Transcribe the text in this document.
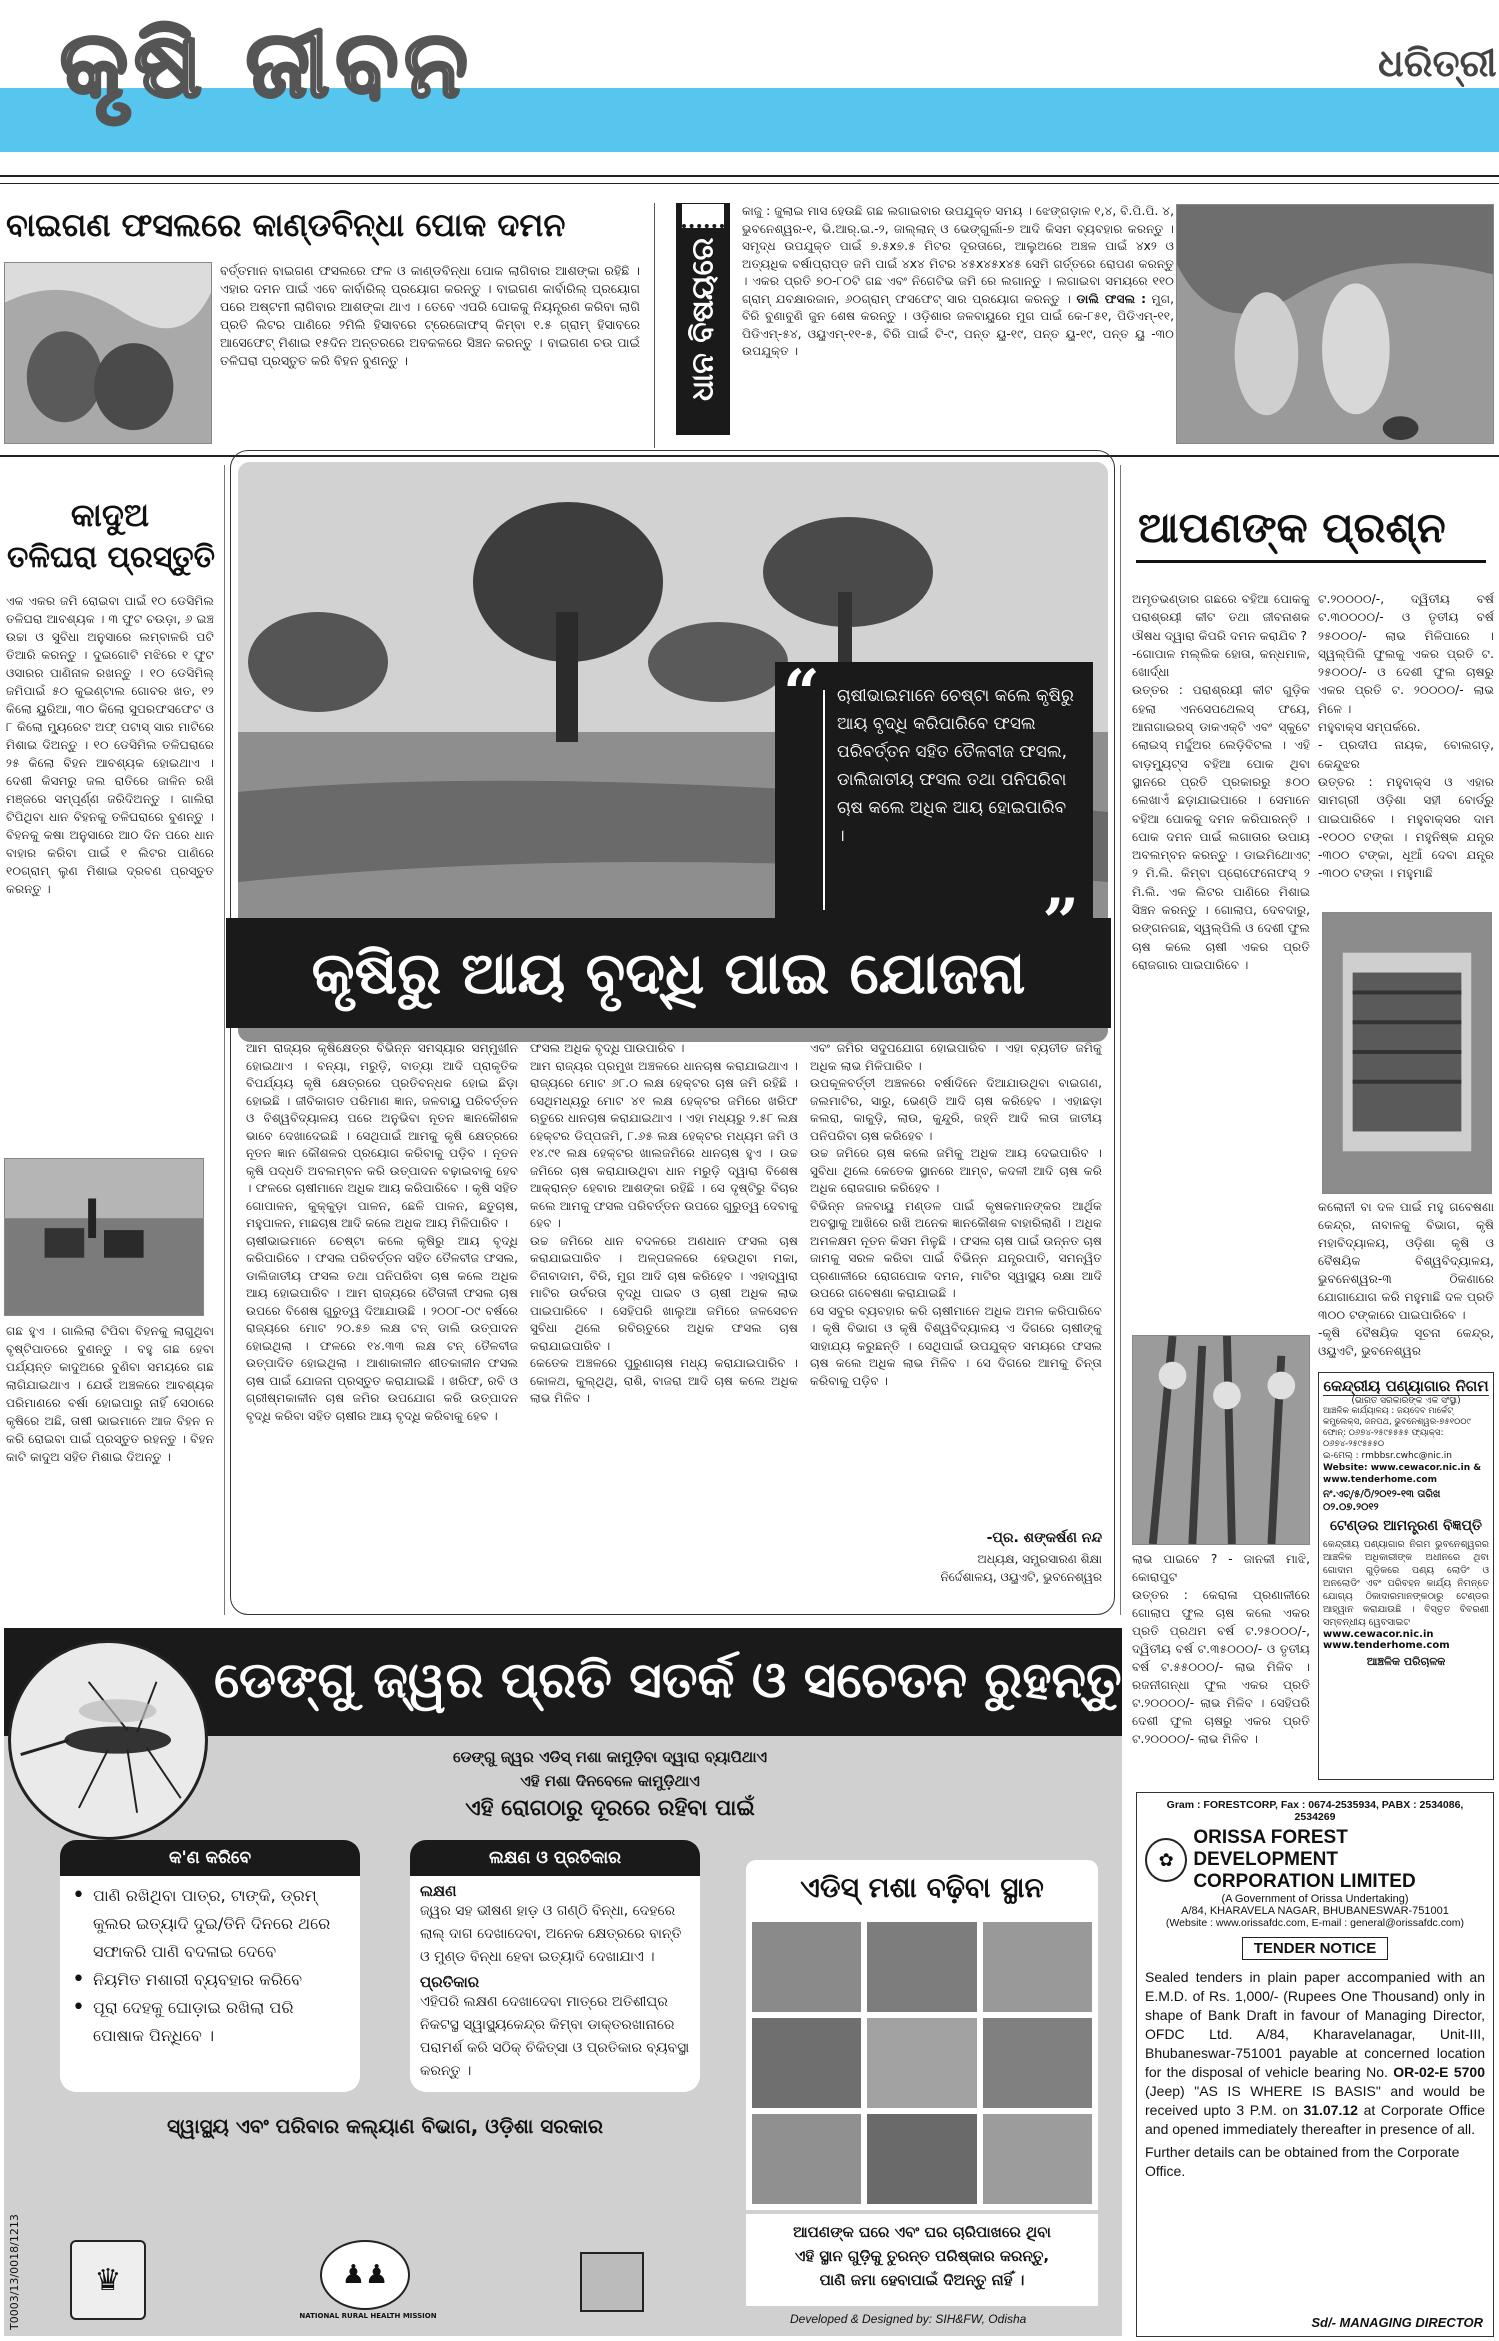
କୃଷି ଜୀବନ	ଧରିତ୍ରୀ
ବାଇଗଣ ଫସଲରେ କାଣ୍ଡବିନ୍ଧା ପୋକ ଦମନ
ବର୍ତ୍ତମାନ ବାଇଗଣ ଫସଲରେ ଫଳ ଓ କାଣ୍ଡବିନ୍ଧା ପୋକ ଲାଗିବାର ଆଶଙ୍କା ରହିଛି । ଏହାର ଦମନ ପାଇଁ ଏବେ କାର୍ବାରିଲ୍ ପ୍ରୟୋଗ କରନ୍ତୁ । ବାଇଗଣ କାର୍ବାରିଲ୍ ପ୍ରୟୋଗ ପରେ ଅଷ୍ଟମୀ ଲାଗିବାର ଆଶଙ୍କା ଥାଏ । ତେବେ ଏପରି ପୋକକୁ ନିୟନ୍ତ୍ରଣ କରିବା ଲାଗି ପ୍ରତି ଲିଟର ପାଣିରେ ୨ମିଲି ହିସାବରେ ଟ୍ରେଜୋଫସ୍ କିମ୍ବା ୧.୫ ଗ୍ରାମ୍ ହିସାବରେ ଆସେଫେଟ୍ ମିଶାଇ ୧୫ଦିନ ଅନ୍ତରରେ ଅବକଳରେ ସିଞ୍ଚନ କରନ୍ତୁ । ବାଇଗଣ ଚଉ ପାଇଁ ତଳିଘରା ପ୍ରସ୍ତୁତ କରି ବିହନ ବୁଣନ୍ତୁ ।	ଧାନ ବିଷୟରେ
କାଜୁ : ଜୁଲାଇ ମାସ ହେଉଛି ଗଛ ଲଗାଇବାର ଉପଯୁକ୍ତ ସମୟ । ଝେଙ୍ଗଡ଼ାଳ ୧,୪, ବି.ପି.ପି. ୪, ଭୁବନେଶ୍ୱର-୧, ଭି.ଆର୍.ଇ.-୨, ଜାଲ୍ଲାନ୍ ଓ ଭେଙ୍ଗୁର୍ଲା-୭ ଆଦି କିସମ ବ୍ୟବହାର କରନ୍ତୁ । ସମୃଦ୍ଧ ଉପଯୁକ୍ତ ପାଇଁ ୭.୫x୭.୫ ମିଟର ଦୂରତାରେ, ଆଲୁଅରେ ଅଞ୍ଚଳ ପାଇଁ ୪x୨ ଓ ଅତ୍ୟଧିକ ବର୍ଷାପ୍ରାପ୍ତ ଜମି ପାଇଁ ୪x୪ ମିଟର ୪୫x୪୫x୪୫ ସେମି ଗର୍ତ୍ତରେ ରୋପଣ କରନ୍ତୁ । ଏକର ପ୍ରତି ୭୦-୮୦ଟି ଗଛ ଏବଂ ନିଗେଟିଭ ଜମି ରେ ଲଗାନ୍ତୁ । ଲଗାଇବା ସମୟରେ ୧୧୦ ଗ୍ରାମ୍ ଯବକ୍ଷାରଜାନ, ୬୦ଗ୍ରାମ୍ ଫସଫେଟ୍ ସାର ପ୍ରୟୋଗ କରନ୍ତୁ । ଡାଲି ଫସଲ : ମୁଗ, ବିରି ବୁଣାବୁଣି ଜୁନ ଶେଷ କରନ୍ତୁ । ଓଡ଼ିଶାର ଜଳବାୟୁରେ ମୁଗ ପାଇଁ କେ-୮୫୧, ପିଡିଏମ୍-୧୧, ପିଡିଏମ୍-୫୪, ଓୟୁଏମ୍-୧୧-୫, ବିରି ପାଇଁ ଟି-୯, ପନ୍ତ ୟୁ-୧୯, ପନ୍ତ ୟୁ-୧୯, ପନ୍ତ ୟୁ -୩୦ ଉପଯୁକ୍ତ ।
କାଦୁଅ
ତଳିଘରା ପ୍ରସ୍ତୁତି
ଏକ ଏକର ଜମି ରୋଇବା ପାଇଁ ୧୦ ଡେସିମିଲ ତଳିଘରା ଆବଶ୍ୟକ । ୩ ଫୁଟ ଚଉଡ଼ା, ୬ ଇଞ୍ଚ ଉଚ୍ଚା ଓ ସୁବିଧା ଅନୁସାରେ ଲମ୍ବାଳରି ପଟି ତିଆରି କରନ୍ତୁ । ଦୁଇଗୋଟି ମଝିରେ ୧ ଫୁଟ ଓସାରର ପାଣିନାଳ ରଖନ୍ତୁ । ୧୦ ଡେସିମିଲ୍ ଜମିପାଇଁ ୫୦ କୁଇଣ୍ଟାଲ ଗୋବର ଖତ, ୧୨ କିଲୋ ୟୁରିଆ, ୩୦ କିଲୋ ସୁପରଫସଫେଟ ଓ ୮ କିଲୋ ମ୍ୟୁରେଟ ଅଫ୍ ପଟାସ୍ ସାର ମାଟିରେ ମିଶାଇ ଦିଅନ୍ତୁ । ୧୦ ଡେସିମିଲ ତଳିଘରାରେ ୨୫ କିଲୋ ବିହନ ଆବଶ୍ୟକ ହୋଇଥାଏ । ଦେଶୀ କିସମରୁ ଜଲ ରାତିରେ ଜାଳିନ ରଖି ମଞ୍ଜରେ ସମ୍ପୂର୍ଣ୍ଣ ଜରିଦିଅନ୍ତୁ । ଗାଲିରା ଟିପିଥିବା ଧାନ ବିହନକୁ ତଳିଘରାରେ ବୁଣନ୍ତୁ । ବିହନକୁ କଷା ଅନୁସାରେ ଆଠ ଦିନ ପରେ ଧାନ ବାହାର କରିବା ପାଇଁ ୧ ଲିଟର ପାଣିରେ ୧୦ଗ୍ରାମ୍ ଲୁଣ ମିଶାଇ ଦ୍ରବଣ ପ୍ରସ୍ତୁତ କରନ୍ତୁ ।
ଗଛ ହୁଏ । ଗାଲିଲା ଟିପିବା ବିହନକୁ ଲାଗୁଥିବା ବୃଷ୍ଟିପାତରେ ବୁଣନ୍ତୁ । ବହୁ ଗଛ ହେବା ପର୍ଯ୍ୟନ୍ତ କାଦୁଅରେ ବୁଣିବା ସମୟରେ ଗଛ ଲାଗିଯାଇଥାଏ । ଯେଉଁ ଅଞ୍ଚଳରେ ଆବଶ୍ୟକ ପରିମାଣରେ ବର୍ଷା ହୋଇପାରୁ ନାହିଁ ସେଠାରେ କୃଷିରେ ଅଛି, ତାଷୀ ଭାଇମାନେ ଆଜ ବିହନ ନ କରି ରୋଇବା ପାଇଁ ପ୍ରସ୍ତୁତ ରହନ୍ତୁ । ବିହନ କାଟି କାଦୁଅ ସହିତ ମିଶାଇ ଦିଅନ୍ତୁ ।
“ ଚାଷୀଭାଇମାନେ ଚେଷ୍ଟା କଲେ କୃଷିରୁ ଆୟ ବୃଦ୍ଧି କରିପାରିବେ ଫସଲ ପରିବର୍ତ୍ତନ ସହିତ ତୈଳବୀଜ ଫସଲ, ଡାଲିଜାତୀୟ ଫସଲ ତଥା ପନିପରିବା ଚାଷ କଲେ ଅଧିକ ଆୟ ହୋଇପାରିବ ।
କୃଷିରୁ ଆୟ ବୃଦ୍ଧି ପାଇ ଯୋଜନା
ଆମ ରାଜ୍ୟର କୃଷିକ୍ଷେତ୍ର ବିଭିନ୍ନ ସମସ୍ୟାର ସମ୍ମୁଖୀନ ହୋଇଥାଏ । ବନ୍ୟା, ମରୁଡ଼ି, ବାତ୍ୟା ଆଦି ପ୍ରାକୃତିକ ବିପର୍ଯ୍ୟୟ କୃଷି କ୍ଷେତ୍ରରେ ପ୍ରତିବନ୍ଧକ ହୋଇ ଛିଡ଼ା ହୋଇଛି । ଜୀବିକାଗତ ପରିମାଣ ଜ୍ଞାନ, ଜଳବାୟୁ ପରିବର୍ତ୍ତନ ଓ ବିଶ୍ୱବିଦ୍ୟାଳୟ ପରେ ଅନୁଭିବା ନୂତନ ଜ୍ଞାନକୌଶଳ ଭାବେ ଦେଖାଦେଇଛି । ସେଥିପାଇଁ ଆମକୁ କୃଷି କ୍ଷେତ୍ରରେ ନୂତନ ଜ୍ଞାନ କୌଶଳର ପ୍ରୟୋଗ କରିବାକୁ ପଡ଼ିବ । ନୂତନ କୃଷି ପଦ୍ଧତି ଅବଲମ୍ବନ କରି ଉତ୍ପାଦନ ବଢ଼ାଇବାକୁ ହେବ । ଫଳରେ ଚାଷୀମାନେ ଅଧିକ ଆୟ କରିପାରିବେ । କୃଷି ସହିତ ଗୋପାଳନ, କୁକ୍କୁଡ଼ା ପାଳନ, ଛେଳି ପାଳନ, ଛତୁଚାଷ, ମହୁପାଳନ, ମାଛଚାଷ ଆଦି କଲେ ଅଧିକ ଆୟ ମିଳିପାରିବ ।
ଚାଷୀଭାଇମାନେ ଚେଷ୍ଟା କଲେ କୃଷିରୁ ଆୟ ବୃଦ୍ଧି କରିପାରିବେ । ଫସଲ ପରିବର୍ତ୍ତନ ସହିତ ତୈଳବୀଜ ଫସଲ, ଡାଲିଜାତୀୟ ଫସଲ ତଥା ପନିପରିବା ଚାଷ କଲେ ଅଧିକ ଆୟ ହୋଇପାରିବ । ଆମ ରାଜ୍ୟରେ ଚୈତାଳୀ ଫସଲ ଚାଷ ଉପରେ ବିଶେଷ ଗୁରୁତ୍ୱ ଦିଆଯାଉଛି । ୨୦୦୮-୦୯ ବର୍ଷରେ ରାଜ୍ୟରେ ମୋଟ ୨୦.୫୭ ଲକ୍ଷ ଟନ୍ ଡାଲି ଉତ୍ପାଦନ ହୋଇଥିଲା । ଫଳରେ ୧୪.୩୩ ଲକ୍ଷ ଟନ୍ ତୈଳବୀଜ ଉତ୍ପାଦିତ ହୋଇଥିଲା । ଆଶାକାଳୀନ ଶୀତକାଳୀନ ଫସଲ ଚାଷ ପାଇଁ ଯୋଜନା ପ୍ରସ୍ତୁତ କରାଯାଇଛି । ଖରିଫ, ରବି ଓ ଗ୍ରୀଷ୍ମକାଳୀନ ଚାଷ ଜମିର ଉପଯୋଗ କରି ଉତ୍ପାଦନ ବୃଦ୍ଧି କରିବା ସହିତ ଚାଷୀର ଆୟ ବୃଦ୍ଧି କରିବାକୁ ହେବ ।
ଫସଲ ଅଧିକ ବୃଦ୍ଧି ପାଉପାରିବ ।
ଆମ ରାଜ୍ୟର ପ୍ରମୁଖ ଅଞ୍ଚଳରେ ଧାନଚାଷ କରାଯାଇଥାଏ । ରାଜ୍ୟରେ ମୋଟ ୬୮.୦ ଲକ୍ଷ ହେକ୍ଟର ଚାଷ ଜମି ରହିଛି । ସେଥିମଧ୍ୟରୁ ମୋଟ ୪୧ ଲକ୍ଷ ହେକ୍ଟର ଜମିରେ ଖରିଫ ଋତୁରେ ଧାନଚାଷ କରାଯାଇଥାଏ । ଏହା ମଧ୍ୟରୁ ୨.୫୮ ଲକ୍ଷ ହେକ୍ଟର ଡିପ୍ପଜମି, ୮.୬୫ ଲକ୍ଷ ହେକ୍ଟର ମଧ୍ୟମ ଜମି ଓ ୧୪.୯୧ ଲକ୍ଷ ହେକ୍ଟର ଖାଲଜମିରେ ଧାନଚାଷ ହୁଏ । ଉଚ୍ଚ ଜମିରେ ଚାଷ କରାଯାଉଥିବା ଧାନ ମରୁଡ଼ି ଦ୍ୱାରା ବିଶେଷ ଆକ୍ରାନ୍ତ ହେବାର ଆଶଙ୍କା ରହିଛି । ସେ ଦୃଷ୍ଟିରୁ ବିଚାର କଲେ ଆମକୁ ଫସଲ ପରିବର୍ତ୍ତନ ଉପରେ ଗୁରୁତ୍ୱ ଦେବାକୁ ହେବ ।
ଉଚ୍ଚ ଜମିରେ ଧାନ ବଦଳରେ ଅଣଧାନ ଫସଲ ଚାଷ କରାଯାଇପାରିବ । ଅଳ୍ପଜଳରେ ହେଉଥିବା ମକା, ଚିନାବାଦାମ, ବିରି, ମୁଗ ଆଦି ଚାଷ କରିହେବ । ଏହାଦ୍ୱାରା ମାଟିର ଉର୍ବରତା ବୃଦ୍ଧି ପାଇବ ଓ ଚାଷୀ ଅଧିକ ଲାଭ ପାଇପାରିବେ । ସେହିପରି ଖାଲୁଆ ଜମିରେ ଜଳସେଚନ ସୁବିଧା ଥିଲେ ରବିଋତୁରେ ଅଧିକ ଫସଲ ଚାଷ କରାଯାଇପାରିବ ।
କେତେକ ଅଞ୍ଚଳରେ ପୁରୁଣାଚାଷ ମଧ୍ୟ କରାଯାଇପାରିବ । କୋଳଥ, କୁଲ୍ଥିଥି, ରାଶି, ବାଜରା ଆଦି ଚାଷ କଲେ ଅଧିକ ଲାଭ ମିଳିବ ।
ଏବଂ ଜମିର ସଦୁପଯୋଗ ହୋଇପାରିବ । ଏହା ବ୍ୟତୀତ ଜମିକୁ ଅଧିକ ଲାଭ ମିଳିପାରିବ ।
ଉପକୂଳବର୍ତ୍ତୀ ଅଞ୍ଚଳରେ ବର୍ଷାଦିନେ ଦିଆଯାଉଥିବା ବାଇଗଣ, ଜଲମାଟିର, ସାରୁ, ଭେଣ୍ଡି ଆଦି ଚାଷ କରିହେବ । ଏହାଛଡ଼ା କଲରା, କାକୁଡ଼ି, ଲାଉ, କୁନ୍ଦୁରି, ଜହ୍ନି ଆଦି ଲତା ଜାତୀୟ ପନିପରିବା ଚାଷ କରିହେବ ।
ଉଚ୍ଚ ଜମିରେ ଚାଷ କଲେ ଜମିକୁ ଅଧିକ ଆୟ ଦେଇପାରିବ । ସୁବିଧା ଥିଲେ କେତେକ ସ୍ଥାନରେ ଆମ୍ବ, କଦଳୀ ଆଦି ଚାଷ କରି ଅଧିକ ରୋଜଗାର କରିହେବ ।
ବିଭିନ୍ନ ଜଳବାୟୁ ମଣ୍ଡଳ ପାଇଁ କୃଷକମାନଙ୍କର ଆର୍ଥିକ ଅବସ୍ଥାକୁ ଆଖିରେ ରଖି ଅନେକ ଜ୍ଞାନକୌଶଳ ବାହାରିଲାଣି । ଅଧିକ ଅମଳକ୍ଷମ ନୂତନ କିସମ ମିଳୁଛି । ଫସଲ ଚାଷ ପାଇଁ ଉନ୍ନତ ଚାଷ ଜାମକୁ ସରଳ କରିବା ପାଇଁ ବିଭିନ୍ନ ଯନ୍ତ୍ରପାତି, ସମନ୍ୱିତ ପ୍ରଣାଳୀରେ ରୋଗପୋକ ଦମନ, ମାଟିର ସ୍ୱାସ୍ଥ୍ୟ ରକ୍ଷା ଆଦି ଉପରେ ଗବେଷଣା କରାଯାଇଛି ।
ସେ ସବୁର ବ୍ୟବହାର କରି ଚାଷୀମାନେ ଅଧିକ ଅମଳ କରିପାରିବେ । କୃଷି ବିଭାଗ ଓ କୃଷି ବିଶ୍ୱବିଦ୍ୟାଳୟ ଏ ଦିଗରେ ଚାଷୀଙ୍କୁ ସାହାଯ୍ୟ କରୁଛନ୍ତି । ସେଥିପାଇଁ ଉପଯୁକ୍ତ ସମୟରେ ଫସଲ ଚାଷ କଲେ ଅଧିକ ଲାଭ ମିଳିବ । ସେ ଦିଗରେ ଆମକୁ ଚିନ୍ତା କରିବାକୁ ପଡ଼ିବ ।
-ପ୍ର. ଶଙ୍କର୍ଷଣ ନନ୍ଦ
ଅଧ୍ୟକ୍ଷ, ସମ୍ପ୍ରସାରଣ ଶିକ୍ଷା
ନିର୍ଦ୍ଦେଶାଳୟ, ଓୟୁଏଟି, ଭୁବନେଶ୍ୱର
ଆପଣଙ୍କ ପ୍ରଶ୍ନ
ଅମୃତଭଣ୍ଡାର ଗଛରେ ବହିଆ ପୋକକୁ ପରାଶ୍ରୟୀ କୀଟ ତଥା ଜୀବନାଶକ ଔଷଧ ଦ୍ୱାରା କିପରି ଦମନ କରାଯିବ ?
-ଗୋପାଳ ମଲ୍ଲିକ ହୋତା, କନ୍ଧମାଳ, ଖୋର୍ଦ୍ଧା
ଉତ୍ତର : ପରାଶ୍ରୟୀ କୀଟ ଗୁଡ଼ିକ ହେଲା ଏନସେପଥେଲସ୍ ଫୟେ, ଆନାଗାଇରସ୍ ଡାକଏକ୍ଟି ଏବଂ ସ୍କୁଟେ ଲୋଇସ୍ ମର୍ଦ୍ଦୁଅର ଲେଡ଼ିବିଟଲ । ଏହି ବାଡ଼ମ୍ୟୁଟ୍ସ ବହିଆ ପୋକ ଥିବା ସ୍ଥାନରେ ପ୍ରତି ପ୍ରକାରରୁ ୫୦୦ ଲେଖାଏଁ ଛଡ଼ାଯାଇପାରେ । ସେମାନେ ବହିଆ ପୋକକୁ ଦମନ କରିପାରନ୍ତି । ପୋକ ଦମନ ପାଇଁ ଲଗାତାର ଉପାୟ ଅବଲମ୍ବନ କରନ୍ତୁ । ଡାଇମିଥୋଏଟ୍ ୨ ମି.ଲି. କିମ୍ବା ପ୍ରୋଫେନୋଫସ୍ ୨ ମି.ଲି. ଏକ ଲିଟର ପାଣିରେ ମିଶାଇ ସିଞ୍ଚନ କରନ୍ତୁ । ଗୋଲାପ, ଦେବଦାରୁ, ରଙ୍ଗନଗଛ, ସ୍ୱଲ୍ପିଲି ଓ ଦେଶୀ ଫୁଲ ଚାଷ କଲେ ଚାଷୀ ଏକର ପ୍ରତି ରୋଜଗାର ପାଇପାରିବେ ।
ଲାଭ ପାଇବେ ? - ଜାନକୀ ମାଝି, କୋରାପୁଟ
ଉତ୍ତର : କେରାଳା ପ୍ରଣାଳୀରେ ଗୋଲାପ ଫୁଲ ଚାଷ କଲେ ଏକର ପ୍ରତି ପ୍ରଥମ ବର୍ଷ ଟ.୨୫୦୦୦/-, ଦ୍ୱିତୀୟ ବର୍ଷ ଟ.୩୫୦୦୦/- ଓ ତୃତୀୟ ବର୍ଷ ଟ.୫୫୦୦୦/- ଲାଭ ମିଳିବ । ରଜନୀଗନ୍ଧା ଫୁଲ ଏକର ପ୍ରତି ଟ.୨୦୦୦୦/- ଲାଭ ମିଳିବ । ସେହିପରି ଦେଶୀ ଫୁଲ ଚାଷରୁ ଏକର ପ୍ରତି ଟ.୨୦୦୦୦/- ଲାଭ ମିଳିବ ।
ଟ.୨୦୦୦୦/-, ଦ୍ୱିତୀୟ ବର୍ଷ ଟ.୩୦୦୦୦/- ଓ ତୃତୀୟ ବର୍ଷ ୨୫୦୦୦/- ଲାଭ ମିଳିପାରେ । ସ୍ୱଲ୍ପିଲି ଫୁଲକୁ ଏକର ପ୍ରତି ଟ. ୨୫୦୦୦/- ଓ ଦେଶୀ ଫୁଲ ଚାଷରୁ ଏକର ପ୍ରତି ଟ. ୨୦୦୦୦/- ଲାଭ ମିଳେ ।
ମହୁବାକ୍ସ ସମ୍ପର୍କରେ.
- ପ୍ରଦୀପ ନାୟକ, ବୋଲଗଡ଼, କେନ୍ଦୁଝର
ଉତ୍ତର : ମହୁବାକ୍ସ ଓ ଏହାର ସାମଗ୍ରୀ ଓଡ଼ିଶା ସହୀ ବୋର୍ଡ୍ରୁ ପାଇପାରିବେ । ମହୁବାକ୍ସର ଦାମ -୧୦୦୦ ଟଙ୍କା । ମହୁନିଷ୍କ ଯନ୍ତ୍ର -୩୦୦ ଟଙ୍କା, ଧୂଆଁ ଦେବା ଯନ୍ତ୍ର -୩୦୦ ଟଙ୍କା । ମହୁମାଛି
କଲୋନୀ ବା ଦଳ ପାଇଁ ମହୁ ଗବେଷଣା କେନ୍ଦ୍ର, ନାବାଳକୁ ବିଭାଗ, କୃଷି ମହାବିଦ୍ୟାଳୟ, ଓଡ଼ିଶା କୃଷି ଓ ବୈଷୟିକ ବିଶ୍ୱବିଦ୍ୟାଳୟ, ଭୁବନେଶ୍ୱର-୩ ଠିକଣାରେ ଯୋଗାଯୋଗ କରି ମହୁମାଛି ଦଳ ପ୍ରତି ୩୦୦ ଟଙ୍କାରେ ପାଇପାରିବେ ।
-କୃଷି ବୈଷୟିକ ସୂଚନା କେନ୍ଦ୍ର, ଓୟୁଏଟି, ଭୁବନେଶ୍ୱର
କେନ୍ଦ୍ରୀୟ ପଣ୍ୟାଗାର ନିଗମ
(ଭାରତ ସରକାରଙ୍କ ଏକ ସଂସ୍ଥା)
ଆଞ୍ଚଳିକ କାର୍ଯ୍ୟାଳୟ : ଜୟଦେବ ମାର୍କେଟ୍ କମ୍ପ୍ଲେକ୍ସ, ଜନପଥ, ଭୁବନେଶ୍ୱର-୭୫୧୦୦୯ ଫୋନ୍: ୦୬୭୪-୨୫୯୫୫୫୫ ଫ୍ୟାକ୍ସ: ୦୬୭୪-୨୫୯୫୫୫୦
ଇ-ମେଲ୍ : rmbbsr.cwhc@nic.in
Website: www.cewacor.nic.in & www.tenderhome.com
ନଂ.ଏଚ୍/୫/ଠି/୨୦୧୨-୧୩ ତାରିଖ ୦୨.୦୭.୨୦୧୨
ଟେଣ୍ଡର ଆମନ୍ତ୍ରଣ ବିଜ୍ଞପ୍ତି
କେନ୍ଦ୍ରୀୟ ପଣ୍ୟାଗାର ନିଗମ ଭୁବନେଶ୍ୱରର ଆଞ୍ଚଳିକ ଅଧିକାରୀଙ୍କ ଅଧୀନରେ ଥିବା ଗୋଦାମ ଗୁଡ଼ିକରେ ପଣ୍ୟ ଲୋଡିଂ ଓ ଅନଲୋଡିଂ ଏବଂ ପରିବହନ କାର୍ଯ୍ୟ ନିମନ୍ତେ ଯୋଗ୍ୟ ଠିକାଦାରମାନଙ୍କଠାରୁ ଟେଣ୍ଡର ଆହ୍ୱାନ କରାଯାଉଛି । ବିସ୍ତୃତ ବିବରଣୀ ସମ୍ବନ୍ଧୀୟ ୱେବସାଇଟ
www.cewacor.nic.in
www.tenderhome.com
ଆଞ୍ଚଳିକ ପରିଚାଳକ
Gram : FORESTCORP, Fax : 0674-2535934, PABX : 2534086, 2534269
✿
ORISSA FOREST DEVELOPMENT
CORPORATION LIMITED
(A Government of Orissa Undertaking)
A/84, KHARAVELA NAGAR, BHUBANESWAR-751001
(Website : www.orissafdc.com, E-mail : general@orissafdc.com)
TENDER NOTICE
Sealed tenders in plain paper accompanied with an E.M.D. of Rs. 1,000/- (Rupees One Thousand) only in shape of Bank Draft in favour of Managing Director, OFDC Ltd. A/84, Kharavelanagar, Unit-III, Bhubaneswar-751001 payable at concerned location for the disposal of vehicle bearing No. OR-02-E 5700 (Jeep) "AS IS WHERE IS BASIS" and would be received upto 3 P.M. on 31.07.12 at Corporate Office and opened immediately thereafter in presence of all.
Further details can be obtained from the Corporate Office.
Sd/- MANAGING DIRECTOR
ଡେଙ୍ଗୁ ଜ୍ୱର ପ୍ରତି ସତର୍କ ଓ ସଚେତନ ରୁହନ୍ତୁ
ଡେଙ୍ଗୁ ଜ୍ୱର ଏଡିସ୍ ମଶା କାମୁଡ଼ିବା ଦ୍ୱାରା ବ୍ୟାପିଥାଏ
ଏହି ମଶା ଦିନବେଳେ କାମୁଡ଼ିଥାଏ
ଏହି ରୋଗଠାରୁ ଦୂରରେ ରହିବା ପାଇଁ
କ'ଣ କରିବେ
• ପାଣି ରଖିଥିବା ପାତ୍ର, ଟାଙ୍କି, ଡ୍ରମ୍ କୁଲର ଇତ୍ୟାଦି ଦୁଇ/ତିନି ଦିନରେ ଥରେ ସଫାକରି ପାଣି ବଦଳାଇ ଦେବେ
• ନିୟମିତ ମଶାରୀ ବ୍ୟବହାର କରିବେ
• ପୂରା ଦେହକୁ ଘୋଡ଼ାଇ ରଖିଲା ପରି ପୋଷାକ ପିନ୍ଧିବେ ।
ଲକ୍ଷଣ ଓ ପ୍ରତିକାର
ଲକ୍ଷଣ
ଜ୍ୱର ସହ ଭୀଷଣ ହାଡ଼ ଓ ଗଣ୍ଠି ବିନ୍ଧା, ଦେହରେ ଲାଲ୍ ଦାଗ ଦେଖାଦେବା, ଅନେକ କ୍ଷେତ୍ରରେ ବାନ୍ତି ଓ ମୁଣ୍ଡ ବିନ୍ଧା ହେବା ଇତ୍ୟାଦି ଦେଖାଯାଏ ।
ପ୍ରତିକାର
ଏହିପରି ଲକ୍ଷଣ ଦେଖାଦେବା ମାତ୍ରେ ଅତିଶୀଘ୍ର ନିକଟସ୍ଥ ସ୍ୱାସ୍ଥ୍ୟକେନ୍ଦ୍ର କିମ୍ବା ଡାକ୍ତରଖାନାରେ ପରାମର୍ଶ କରି ସଠିକ୍ ଚିକିତ୍ସା ଓ ପ୍ରତିକାର ବ୍ୟବସ୍ଥା କରନ୍ତୁ ।
ଏଡିସ୍ ମଶା ବଢ଼ିବା ସ୍ଥାନ
ଆପଣଙ୍କ ଘରେ ଏବଂ ଘର ଚାରିପାଖରେ ଥିବା
ଏହି ସ୍ଥାନ ଗୁଡ଼ିକୁ ତୁରନ୍ତ ପରିଷ୍କାର କରନ୍ତୁ,
ପାଣି ଜମା ହେବାପାଇଁ ଦିଅନ୍ତୁ ନାହିଁ ।
Developed & Designed by: SIH&FW, Odisha
ସ୍ୱାସ୍ଥ୍ୟ ଏବଂ ପରିବାର କଲ୍ୟାଣ ବିଭାଗ, ଓଡ଼ିଶା ସରକାର
♛	♟♟
NATIONAL RURAL HEALTH MISSION
T0003/13/0018/1213
